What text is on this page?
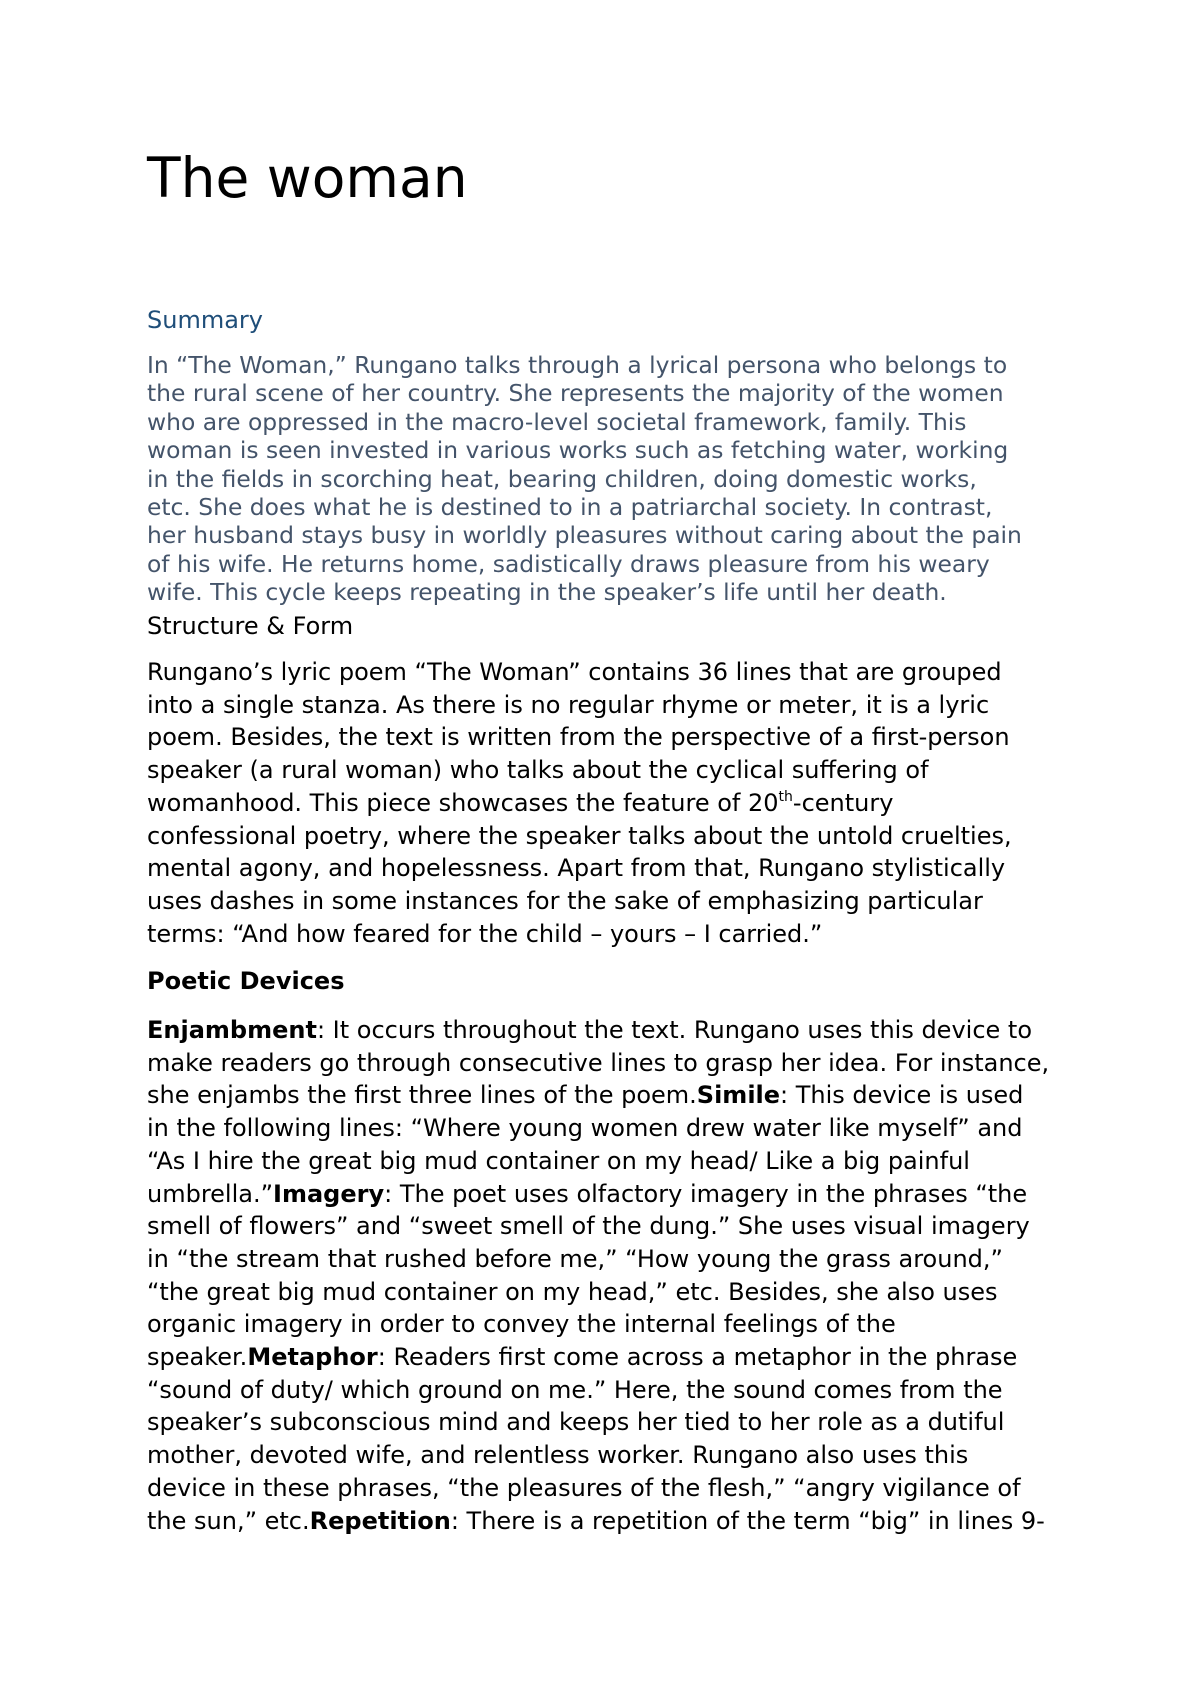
The woman
Summary

In “The Woman,” Rungano talks through a lyrical persona who belongs to
the rural scene of her country. She represents the majority of the women
who are oppressed in the macro-level societal framework, family. This
woman is seen invested in various works such as fetching water, working
in the fields in scorching heat, bearing children, doing domestic works,
etc. She does what he is destined to in a patriarchal society. In contrast,
her husband stays busy in worldly pleasures without caring about the pain
of his wife. He returns home, sadistically draws pleasure from his weary
wife. This cycle keeps repeating in the speaker’s life until her death.

Structure & Form

Rungano’s lyric poem “The Woman” contains 36 lines that are grouped
into a single stanza. As there is no regular rhyme or meter, it is a lyric
poem. Besides, the text is written from the perspective of a first-person
speaker (a rural woman) who talks about the cyclical suffering of
womanhood. This piece showcases the feature of 20th-century
confessional poetry, where the speaker talks about the untold cruelties,
mental agony, and hopelessness. Apart from that, Rungano stylistically
uses dashes in some instances for the sake of emphasizing particular
terms: “And how feared for the child – yours – I carried.”

Poetic Devices

Enjambment: It occurs throughout the text. Rungano uses this device to
make readers go through consecutive lines to grasp her idea. For instance,
she enjambs the first three lines of the poem.Simile: This device is used
in the following lines: “Where young women drew water like myself” and
“As I hire the great big mud container on my head/ Like a big painful
umbrella.”Imagery: The poet uses olfactory imagery in the phrases “the
smell of flowers” and “sweet smell of the dung.” She uses visual imagery
in “the stream that rushed before me,” “How young the grass around,”
“the great big mud container on my head,” etc. Besides, she also uses
organic imagery in order to convey the internal feelings of the
speaker.Metaphor: Readers first come across a metaphor in the phrase
“sound of duty/ which ground on me.” Here, the sound comes from the
speaker’s subconscious mind and keeps her tied to her role as a dutiful
mother, devoted wife, and relentless worker. Rungano also uses this
device in these phrases, “the pleasures of the flesh,” “angry vigilance of
the sun,” etc.Repetition: There is a repetition of the term “big” in lines 9-
